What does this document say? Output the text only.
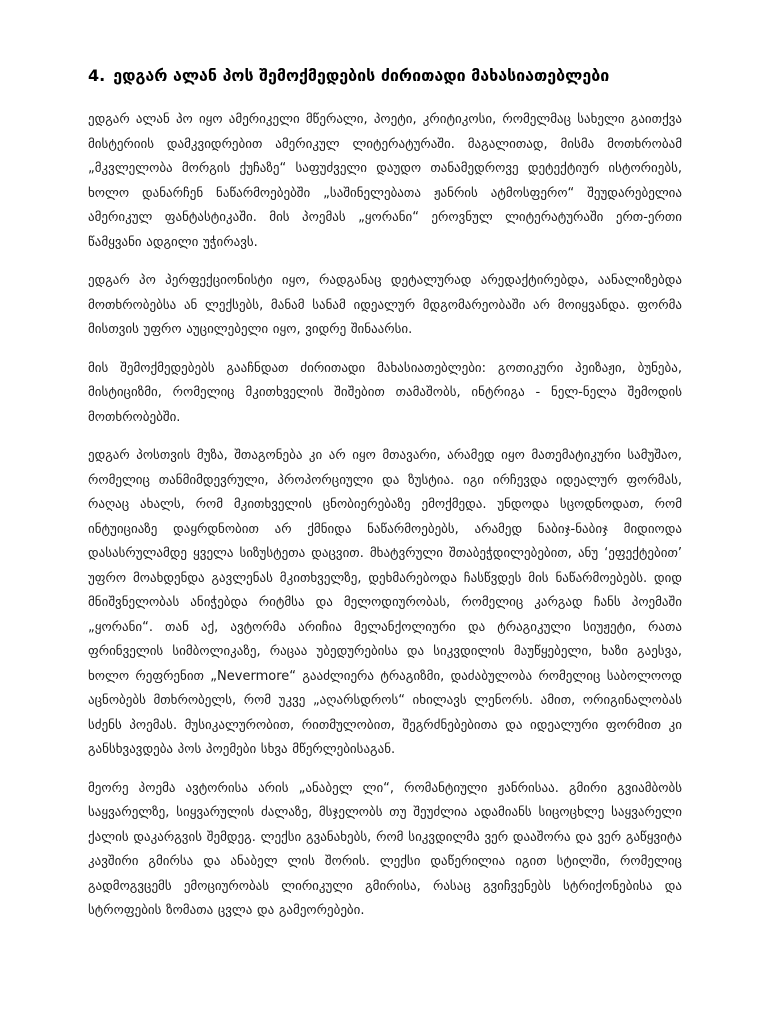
4. ედგარ ალან პოს შემოქმედების ძირითადი მახასიათებლები

ედგარ ალან პო იყო ამერიკელი მწერალი, პოეტი, კრიტიკოსი, რომელმაც სახელი გაითქვა მისტერიის დამკვიდრებით ამერიკულ ლიტერატურაში. მაგალითად, მისმა მოთხრობამ „მკვლელობა მორგის ქუჩაზე“ საფუძველი დაუდო თანამედროვე დეტექტიურ ისტორიებს, ხოლო დანარჩენ ნაწარმოებებში „საშინელებათა ჟანრის ატმოსფერო“ შეუდარებელია ამერიკულ ფანტასტიკაში. მის პოემას „ყორანი“ ეროვნულ ლიტერატურაში ერთ-ერთი წამყვანი ადგილი უჭირავს.

ედგარ პო პერფექციონისტი იყო, რადგანაც დეტალურად არედაქტირებდა, აანალიზებდა მოთხრობებსა ან ლექსებს, მანამ სანამ იდეალურ მდგომარეობაში არ მოიყვანდა. ფორმა მისთვის უფრო აუცილებელი იყო, ვიდრე შინაარსი.

მის შემოქმედებებს გააჩნდათ ძირითადი მახასიათებლები: გოთიკური პეიზაჟი, ბუნება, მისტიციზმი, რომელიც მკითხველის შიშებით თამაშობს, ინტრიგა - ნელ-ნელა შემოდის მოთხრობებში.

ედგარ პოსთვის მუზა, შთაგონება კი არ იყო მთავარი, არამედ იყო მათემატიკური სამუშაო, რომელიც თანმიმდევრული, პროპორციული და ზუსტია. იგი ირჩევდა იდეალურ ფორმას, რაღაც ახალს, რომ მკითხველის ცნობიერებაზე ემოქმედა. უნდოდა სცოდნოდათ, რომ ინტუიციაზე დაყრდნობით არ ქმნიდა ნაწარმოებებს, არამედ ნაბიჯ-ნაბიჯ მიდიოდა დასასრულამდე ყველა სიზუსტეთა დაცვით. მხატვრული შთაბეჭდილებებით, ანუ ‘ეფექტებით’ უფრო მოახდენდა გავლენას მკითხველზე, დეხმარებოდა ჩასწვდეს მის ნაწარმოებებს. დიდ მნიშვნელობას ანიჭებდა რიტმსა და მელოდიურობას, რომელიც კარგად ჩანს პოემაში „ყორანი“. თან აქ, ავტორმა არიჩია მელანქოლიური და ტრაგიკული სიუჟეტი, რათა ფრინველის სიმბოლიკაზე, რაცაა უბედურებისა და სიკვდილის მაუწყებელი, ხაზი გაესვა, ხოლო რეფრენით „Nevermore“ გააძლიერა ტრაგიზმი, დაძაბულობა რომელიც საბოლოოდ აცნობებს მთხრობელს, რომ უკვე „აღარსდროს“ იხილავს ლენორს. ამით, ორიგინალობას სძენს პოემას. მუსიკალურობით, რითმულობით, შეგრძნებებითა და იდეალური ფორმით კი განსხვავდება პოს პოემები სხვა მწერლებისაგან.

მეორე პოემა ავტორისა არის „ანაბელ ლი“, რომანტიული ჟანრისაა. გმირი გვიამბობს საყვარელზე, სიყვარულის ძალაზე, მსჯელობს თუ შეუძლია ადამიანს სიცოცხლე საყვარელი ქალის დაკარგვის შემდეგ. ლექსი გვანახებს, რომ სიკვდილმა ვერ დააშორა და ვერ გაწყვიტა კავშირი გმირსა და ანაბელ ლის შორის. ლექსი დაწერილია იგით სტილში, რომელიც გადმოგვცემს ემოციურობას ლირიკული გმირისა, რასაც გვიჩვენებს სტრიქონებისა და სტროფების ზომათა ცვლა და გამეორებები.
